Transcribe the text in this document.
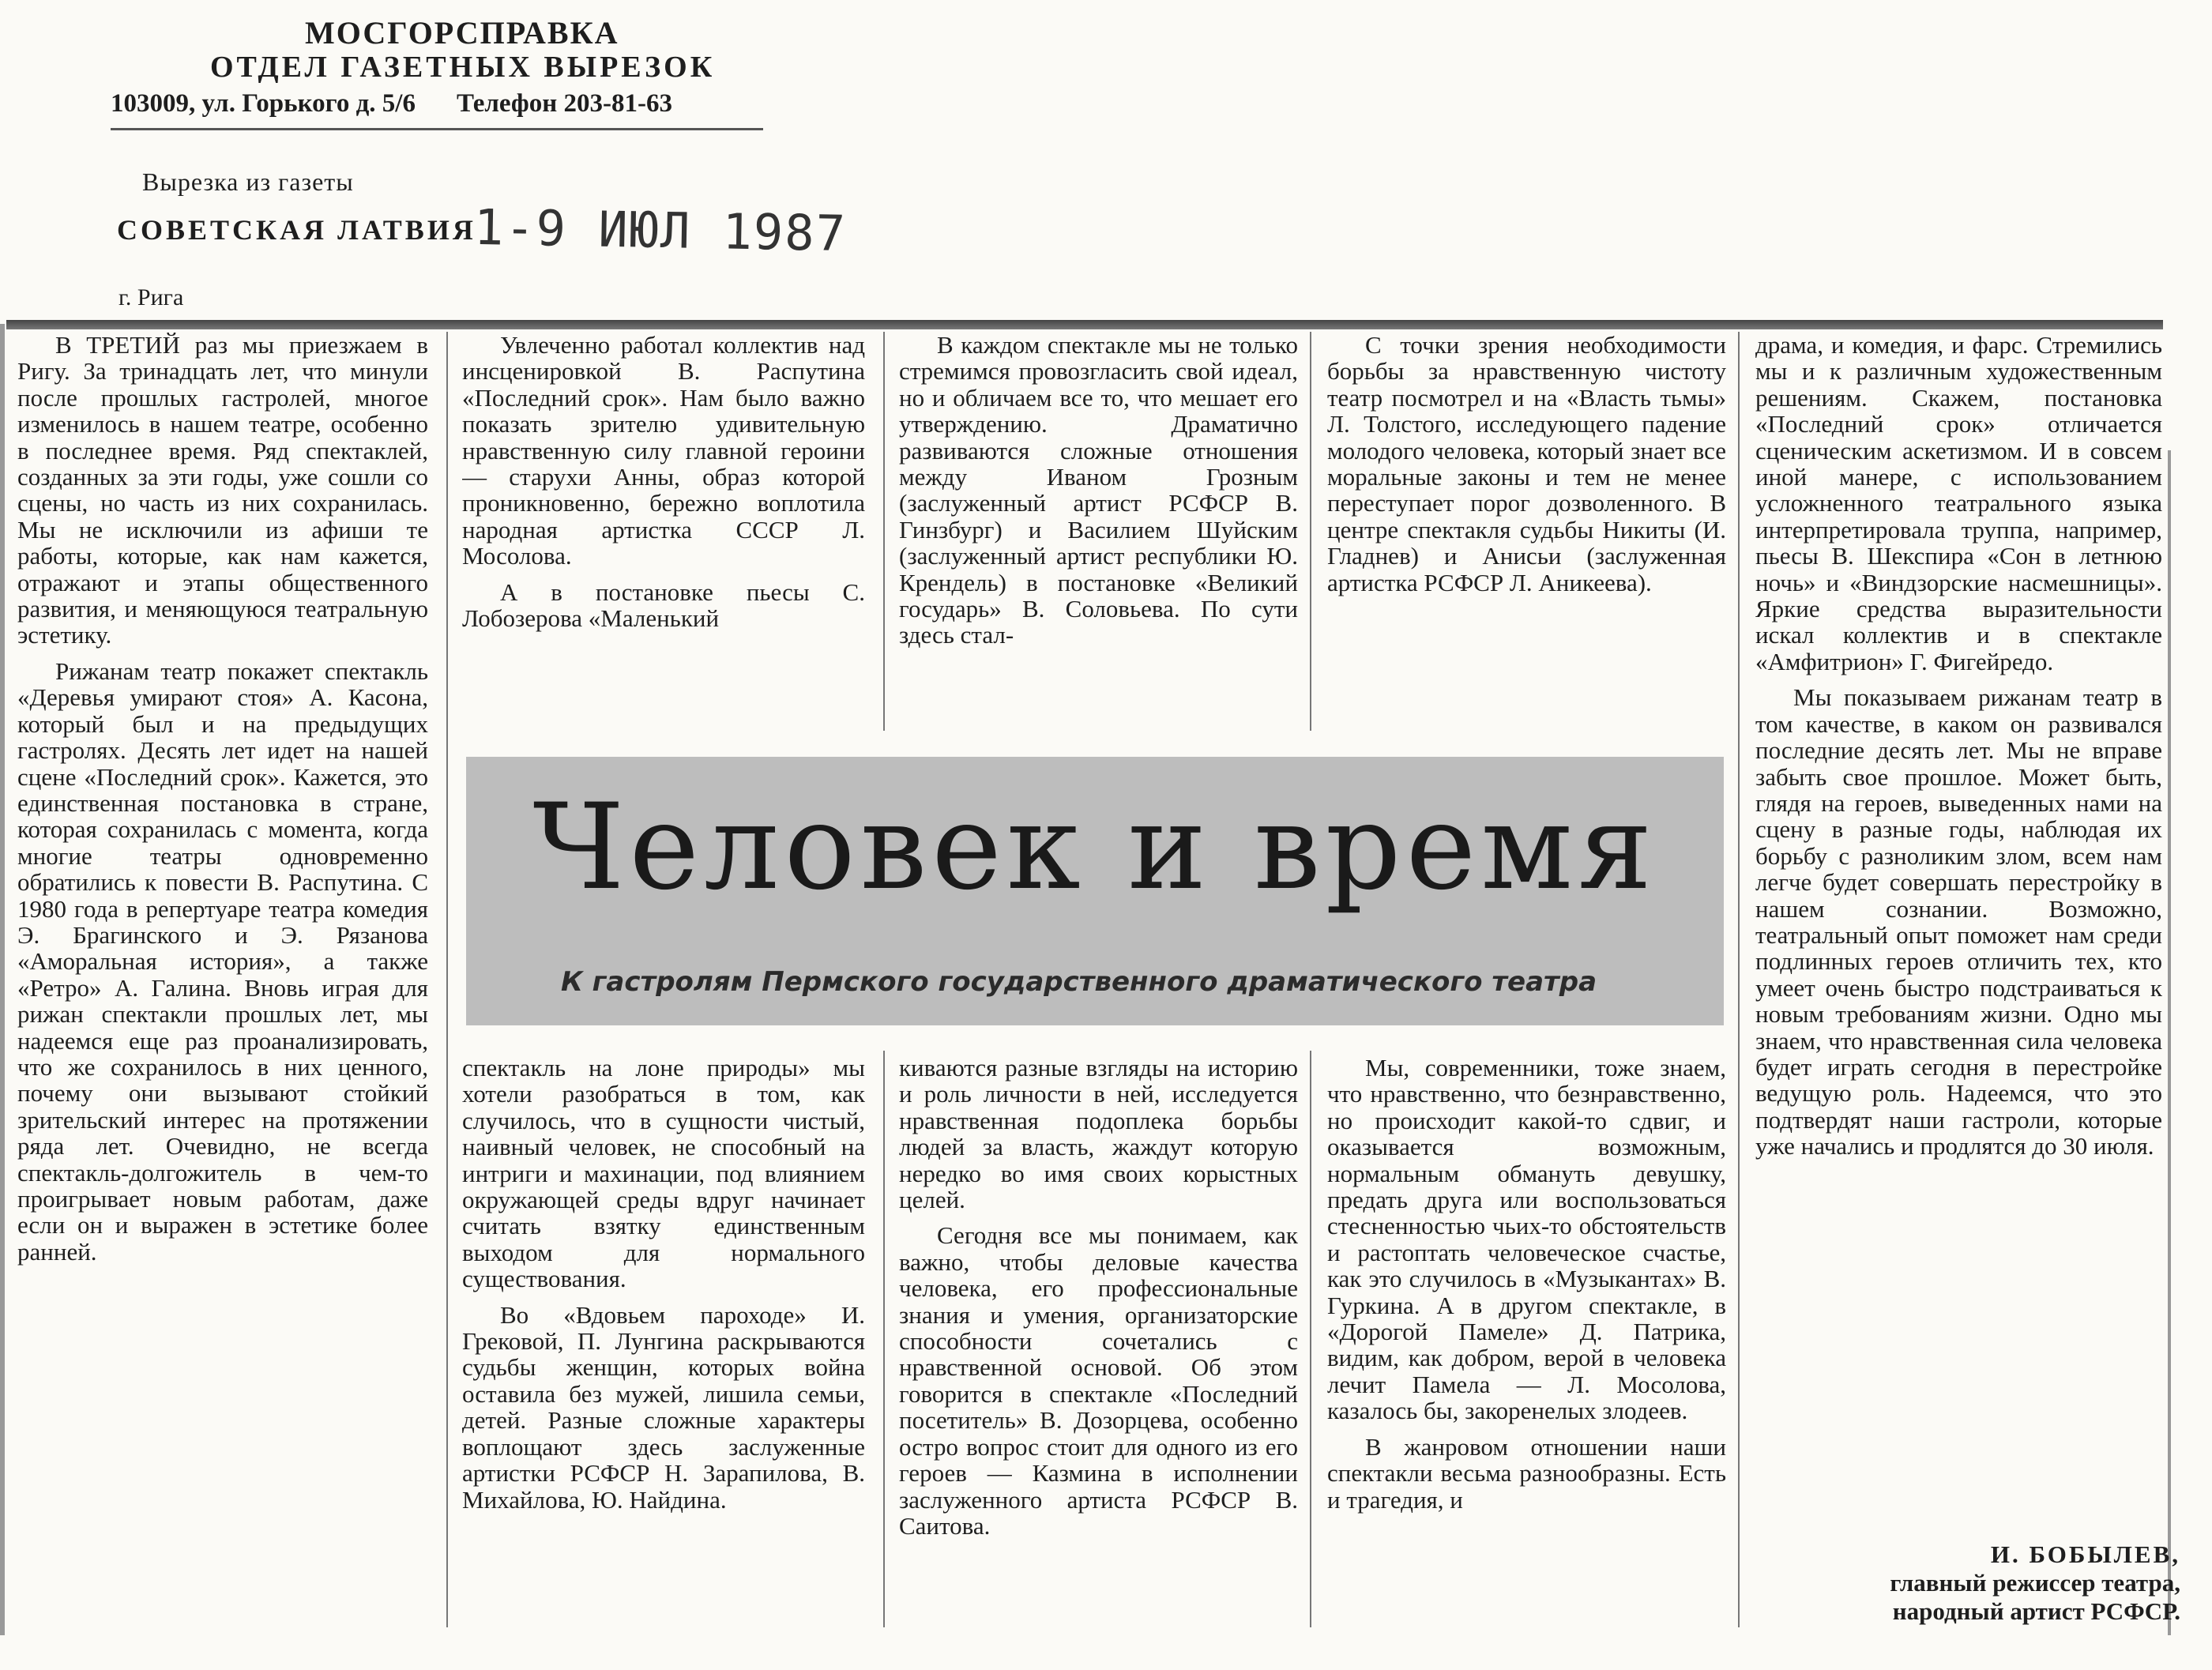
МОСГОРСПРАВКА
ОТДЕЛ ГАЗЕТНЫХ ВЫРЕЗОК
103009, ул. Горького д. 5/6 Телефон 203-81-63
Вырезка из газеты
СОВЕТСКАЯ ЛАТВИЯ
1-9 ИЮЛ 1987
г. Рига

В ТРЕТИЙ раз мы приезжаем в Ригу. За тринадцать лет, что минули после прошлых гастролей, многое изменилось в нашем театре, особенно в последнее время. Ряд спектаклей, созданных за эти годы, уже сошли со сцены, но часть из них сохранилась. Мы не исключили из афиши те работы, которые, как нам кажется, отражают и этапы общественного развития, и меняющуюся театральную эстетику.

Рижанам театр покажет спектакль «Деревья умирают стоя» А. Касона, который был и на предыдущих гастролях. Десять лет идет на нашей сцене «Последний срок». Кажется, это единственная постановка в стране, которая сохранилась с момента, когда многие театры одновременно обратились к повести В. Распутина. С 1980 года в репертуаре театра комедия Э. Брагинского и Э. Рязанова «Аморальная история», а также «Ретро» А. Галина. Вновь играя для рижан спектакли прошлых лет, мы надеемся еще раз проанализировать, что же сохранилось в них ценного, почему они вызывают стойкий зрительский интерес на протяжении ряда лет. Очевидно, не всегда спектакль-долгожитель в чем-то проигрывает новым работам, даже если он и выражен в эстетике более ранней.

Увлеченно работал коллектив над инсценировкой В. Распутина «Последний срок». Нам было важно показать зрителю удивительную нравственную силу главной героини — старухи Анны, образ которой проникновенно, бережно воплотила народная артистка СССР Л. Мосолова.

А в постановке пьесы С. Лобозерова «Маленький

В каждом спектакле мы не только стремимся провозгласить свой идеал, но и обличаем все то, что мешает его утверждению. Драматично развиваются сложные отношения между Иваном Грозным (заслуженный артист РСФСР В. Гинзбург) и Василием Шуйским (заслуженный артист республики Ю. Крендель) в постановке «Великий государь» В. Соловьева. По сути здесь стал-

С точки зрения необходимости борьбы за нравственную чистоту театр посмотрел и на «Власть тьмы» Л. Толстого, исследующего падение молодого человека, который знает все моральные законы и тем не менее переступает порог дозволенного. В центре спектакля судьбы Никиты (И. Гладнев) и Анисьи (заслуженная артистка РСФСР Л. Аникеева).

Человек и время
К гастролям Пермского государственного драматического театра

спектакль на лоне природы» мы хотели разобраться в том, как случилось, что в сущности чистый, наивный человек, не способный на интриги и махинации, под влиянием окружающей среды вдруг начинает считать взятку единственным выходом для нормального существования.

Во «Вдовьем пароходе» И. Грековой, П. Лунгина раскрываются судьбы женщин, которых война оставила без мужей, лишила семьи, детей. Разные сложные характеры воплощают здесь заслуженные артистки РСФСР Н. Зарапилова, В. Михайлова, Ю. Найдина.

киваются разные взгляды на историю и роль личности в ней, исследуется нравственная подоплека борьбы людей за власть, жаждут которую нередко во имя своих корыстных целей.

Сегодня все мы понимаем, как важно, чтобы деловые качества человека, его профессиональные знания и умения, организаторские способности сочетались с нравственной основой. Об этом говорится в спектакле «Последний посетитель» В. Дозорцева, особенно остро вопрос стоит для одного из его героев — Казмина в исполнении заслуженного артиста РСФСР В. Саитова.

Мы, современники, тоже знаем, что нравственно, что безнравственно, но происходит какой-то сдвиг, и оказывается возможным, нормальным обмануть девушку, предать друга или воспользоваться стесненностью чьих-то обстоятельств и растоптать человеческое счастье, как это случилось в «Музыкантах» В. Гуркина. А в другом спектакле, в «Дорогой Памеле» Д. Патрика, видим, как добром, верой в человека лечит Памела — Л. Мосолова, казалось бы, закоренелых злодеев.

В жанровом отношении наши спектакли весьма разнообразны. Есть и трагедия, и

драма, и комедия, и фарс. Стремились мы и к различным художественным решениям. Скажем, постановка «Последний срок» отличается сценическим аскетизмом. И в совсем иной манере, с использованием усложненного театрального языка интерпретировала труппа, например, пьесы В. Шекспира «Сон в летнюю ночь» и «Виндзорские насмешницы». Яркие средства выразительности искал коллектив и в спектакле «Амфитрион» Г. Фигейредо.

Мы показываем рижанам театр в том качестве, в каком он развивался последние десять лет. Мы не вправе забыть свое прошлое. Может быть, глядя на героев, выведенных нами на сцену в разные годы, наблюдая их борьбу с разноликим злом, всем нам легче будет совершать перестройку в нашем сознании. Возможно, театральный опыт поможет нам среди подлинных героев отличить тех, кто умеет очень быстро подстраиваться к новым требованиям жизни. Одно мы знаем, что нравственная сила человека будет играть сегодня в перестройке ведущую роль. Надеемся, что это подтвердят наши гастроли, которые уже начались и продлятся до 30 июля.

И. БОБЫЛЕВ,
главный режиссер театра,
народный артист РСФСР.
